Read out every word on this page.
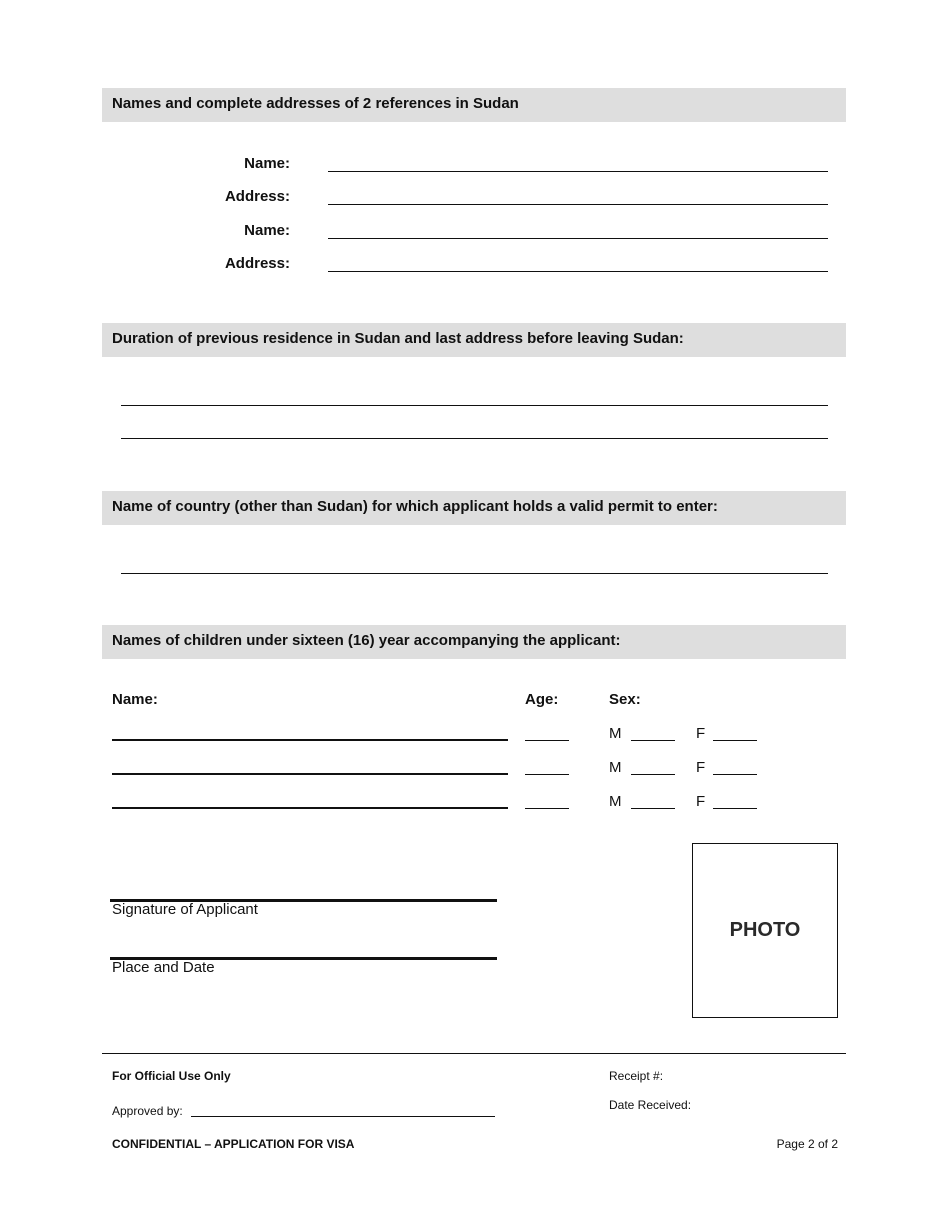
Names and complete addresses of 2 references in Sudan
Name:
Address:
Name:
Address:
Duration of previous residence in Sudan and last address before leaving Sudan:
Name of country (other than Sudan) for which applicant holds a valid permit to enter:
Names of children under sixteen (16) year accompanying the applicant:
Name:	Age:	Sex:
M	F
M	F
M	F
Signature of Applicant
Place and Date
PHOTO
For Official Use Only
Approved by:
Receipt #:
Date Received:
CONFIDENTIAL – APPLICATION FOR VISA	Page 2 of 2
